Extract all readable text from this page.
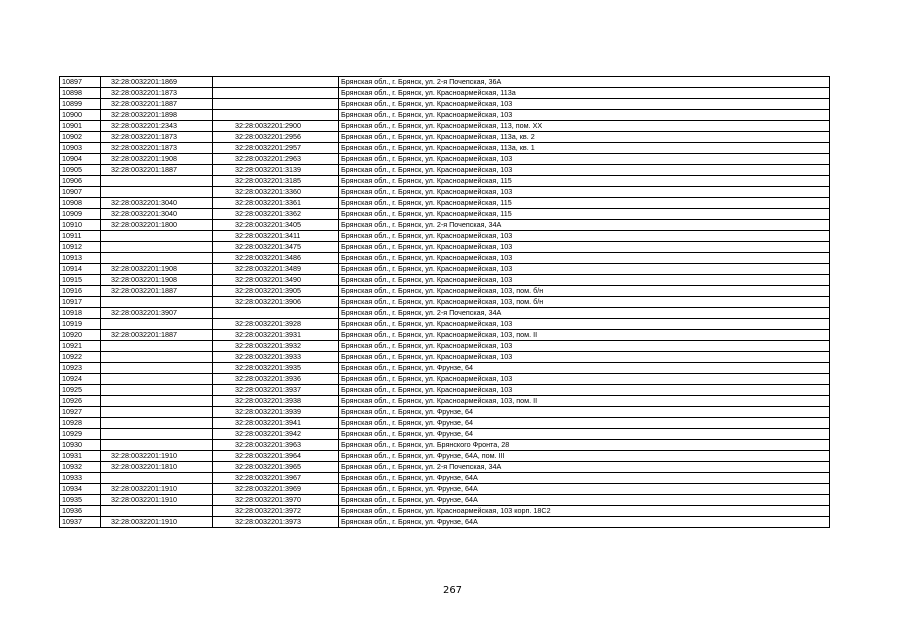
10897	32:28:0032201:1869		Брянская обл., г. Брянск, ул. 2-я Почепская, 36А
10898	32:28:0032201:1873		Брянская обл., г. Брянск, ул. Красноармейская, 113а
10899	32:28:0032201:1887		Брянская обл., г. Брянск, ул. Красноармейская, 103
10900	32:28:0032201:1898		Брянская обл., г. Брянск, ул. Красноармейская, 103
10901	32:28:0032201:2343	32:28:0032201:2900	Брянская обл., г. Брянск, ул. Красноармейская, 113, пом. XX
10902	32:28:0032201:1873	32:28:0032201:2956	Брянская обл., г. Брянск, ул. Красноармейская, 113а, кв. 2
10903	32:28:0032201:1873	32:28:0032201:2957	Брянская обл., г. Брянск, ул. Красноармейская, 113а, кв. 1
10904	32:28:0032201:1908	32:28:0032201:2963	Брянская обл., г. Брянск, ул. Красноармейская, 103
10905	32:28:0032201:1887	32:28:0032201:3139	Брянская обл., г. Брянск, ул. Красноармейская, 103
10906		32:28:0032201:3185	Брянская обл., г. Брянск, ул. Красноармейская, 115
10907		32:28:0032201:3360	Брянская обл., г. Брянск, ул. Красноармейская, 103
10908	32:28:0032201:3040	32:28:0032201:3361	Брянская обл., г. Брянск, ул. Красноармейская, 115
10909	32:28:0032201:3040	32:28:0032201:3362	Брянская обл., г. Брянск, ул. Красноармейская, 115
10910	32:28:0032201:1800	32:28:0032201:3405	Брянская обл., г. Брянск, ул. 2-я Почепская, 34А
10911		32:28:0032201:3411	Брянская обл., г. Брянск, ул. Красноармейская, 103
10912		32:28:0032201:3475	Брянская обл., г. Брянск, ул. Красноармейская, 103
10913		32:28:0032201:3486	Брянская обл., г. Брянск, ул. Красноармейская, 103
10914	32:28:0032201:1908	32:28:0032201:3489	Брянская обл., г. Брянск, ул. Красноармейская, 103
10915	32:28:0032201:1908	32:28:0032201:3490	Брянская обл., г. Брянск, ул. Красноармейская, 103
10916	32:28:0032201:1887	32:28:0032201:3905	Брянская обл., г. Брянск, ул. Красноармейская, 103, пом. б/н
10917		32:28:0032201:3906	Брянская обл., г. Брянск, ул. Красноармейская, 103, пом. б/н
10918	32:28:0032201:3907		Брянская обл., г. Брянск, ул. 2-я Почепская, 34А
10919		32:28:0032201:3928	Брянская обл., г. Брянск, ул. Красноармейская, 103
10920	32:28:0032201:1887	32:28:0032201:3931	Брянская обл., г. Брянск, ул. Красноармейская, 103, пом. II
10921		32:28:0032201:3932	Брянская обл., г. Брянск, ул. Красноармейская, 103
10922		32:28:0032201:3933	Брянская обл., г. Брянск, ул. Красноармейская, 103
10923		32:28:0032201:3935	Брянская обл., г. Брянск, ул. Фрунзе, 64
10924		32:28:0032201:3936	Брянская обл., г. Брянск, ул. Красноармейская, 103
10925		32:28:0032201:3937	Брянская обл., г. Брянск, ул. Красноармейская, 103
10926		32:28:0032201:3938	Брянская обл., г. Брянск, ул. Красноармейская, 103, пом. II
10927		32:28:0032201:3939	Брянская обл., г. Брянск, ул. Фрунзе, 64
10928		32:28:0032201:3941	Брянская обл., г. Брянск, ул. Фрунзе, 64
10929		32:28:0032201:3942	Брянская обл., г. Брянск, ул. Фрунзе, 64
10930		32:28:0032201:3963	Брянская обл., г. Брянск, ул. Брянского Фронта, 28
10931	32:28:0032201:1910	32:28:0032201:3964	Брянская обл., г. Брянск, ул. Фрунзе, 64А, пом. III
10932	32:28:0032201:1810	32:28:0032201:3965	Брянская обл., г. Брянск, ул. 2-я Почепская, 34А
10933		32:28:0032201:3967	Брянская обл., г. Брянск, ул. Фрунзе, 64А
10934	32:28:0032201:1910	32:28:0032201:3969	Брянская обл., г. Брянск, ул. Фрунзе, 64А
10935	32:28:0032201:1910	32:28:0032201:3970	Брянская обл., г. Брянск, ул. Фрунзе, 64А
10936		32:28:0032201:3972	Брянская обл., г. Брянск, ул. Красноармейская, 103 корп. 18С2
10937	32:28:0032201:1910	32:28:0032201:3973	Брянская обл., г. Брянск, ул. Фрунзе, 64А
267
